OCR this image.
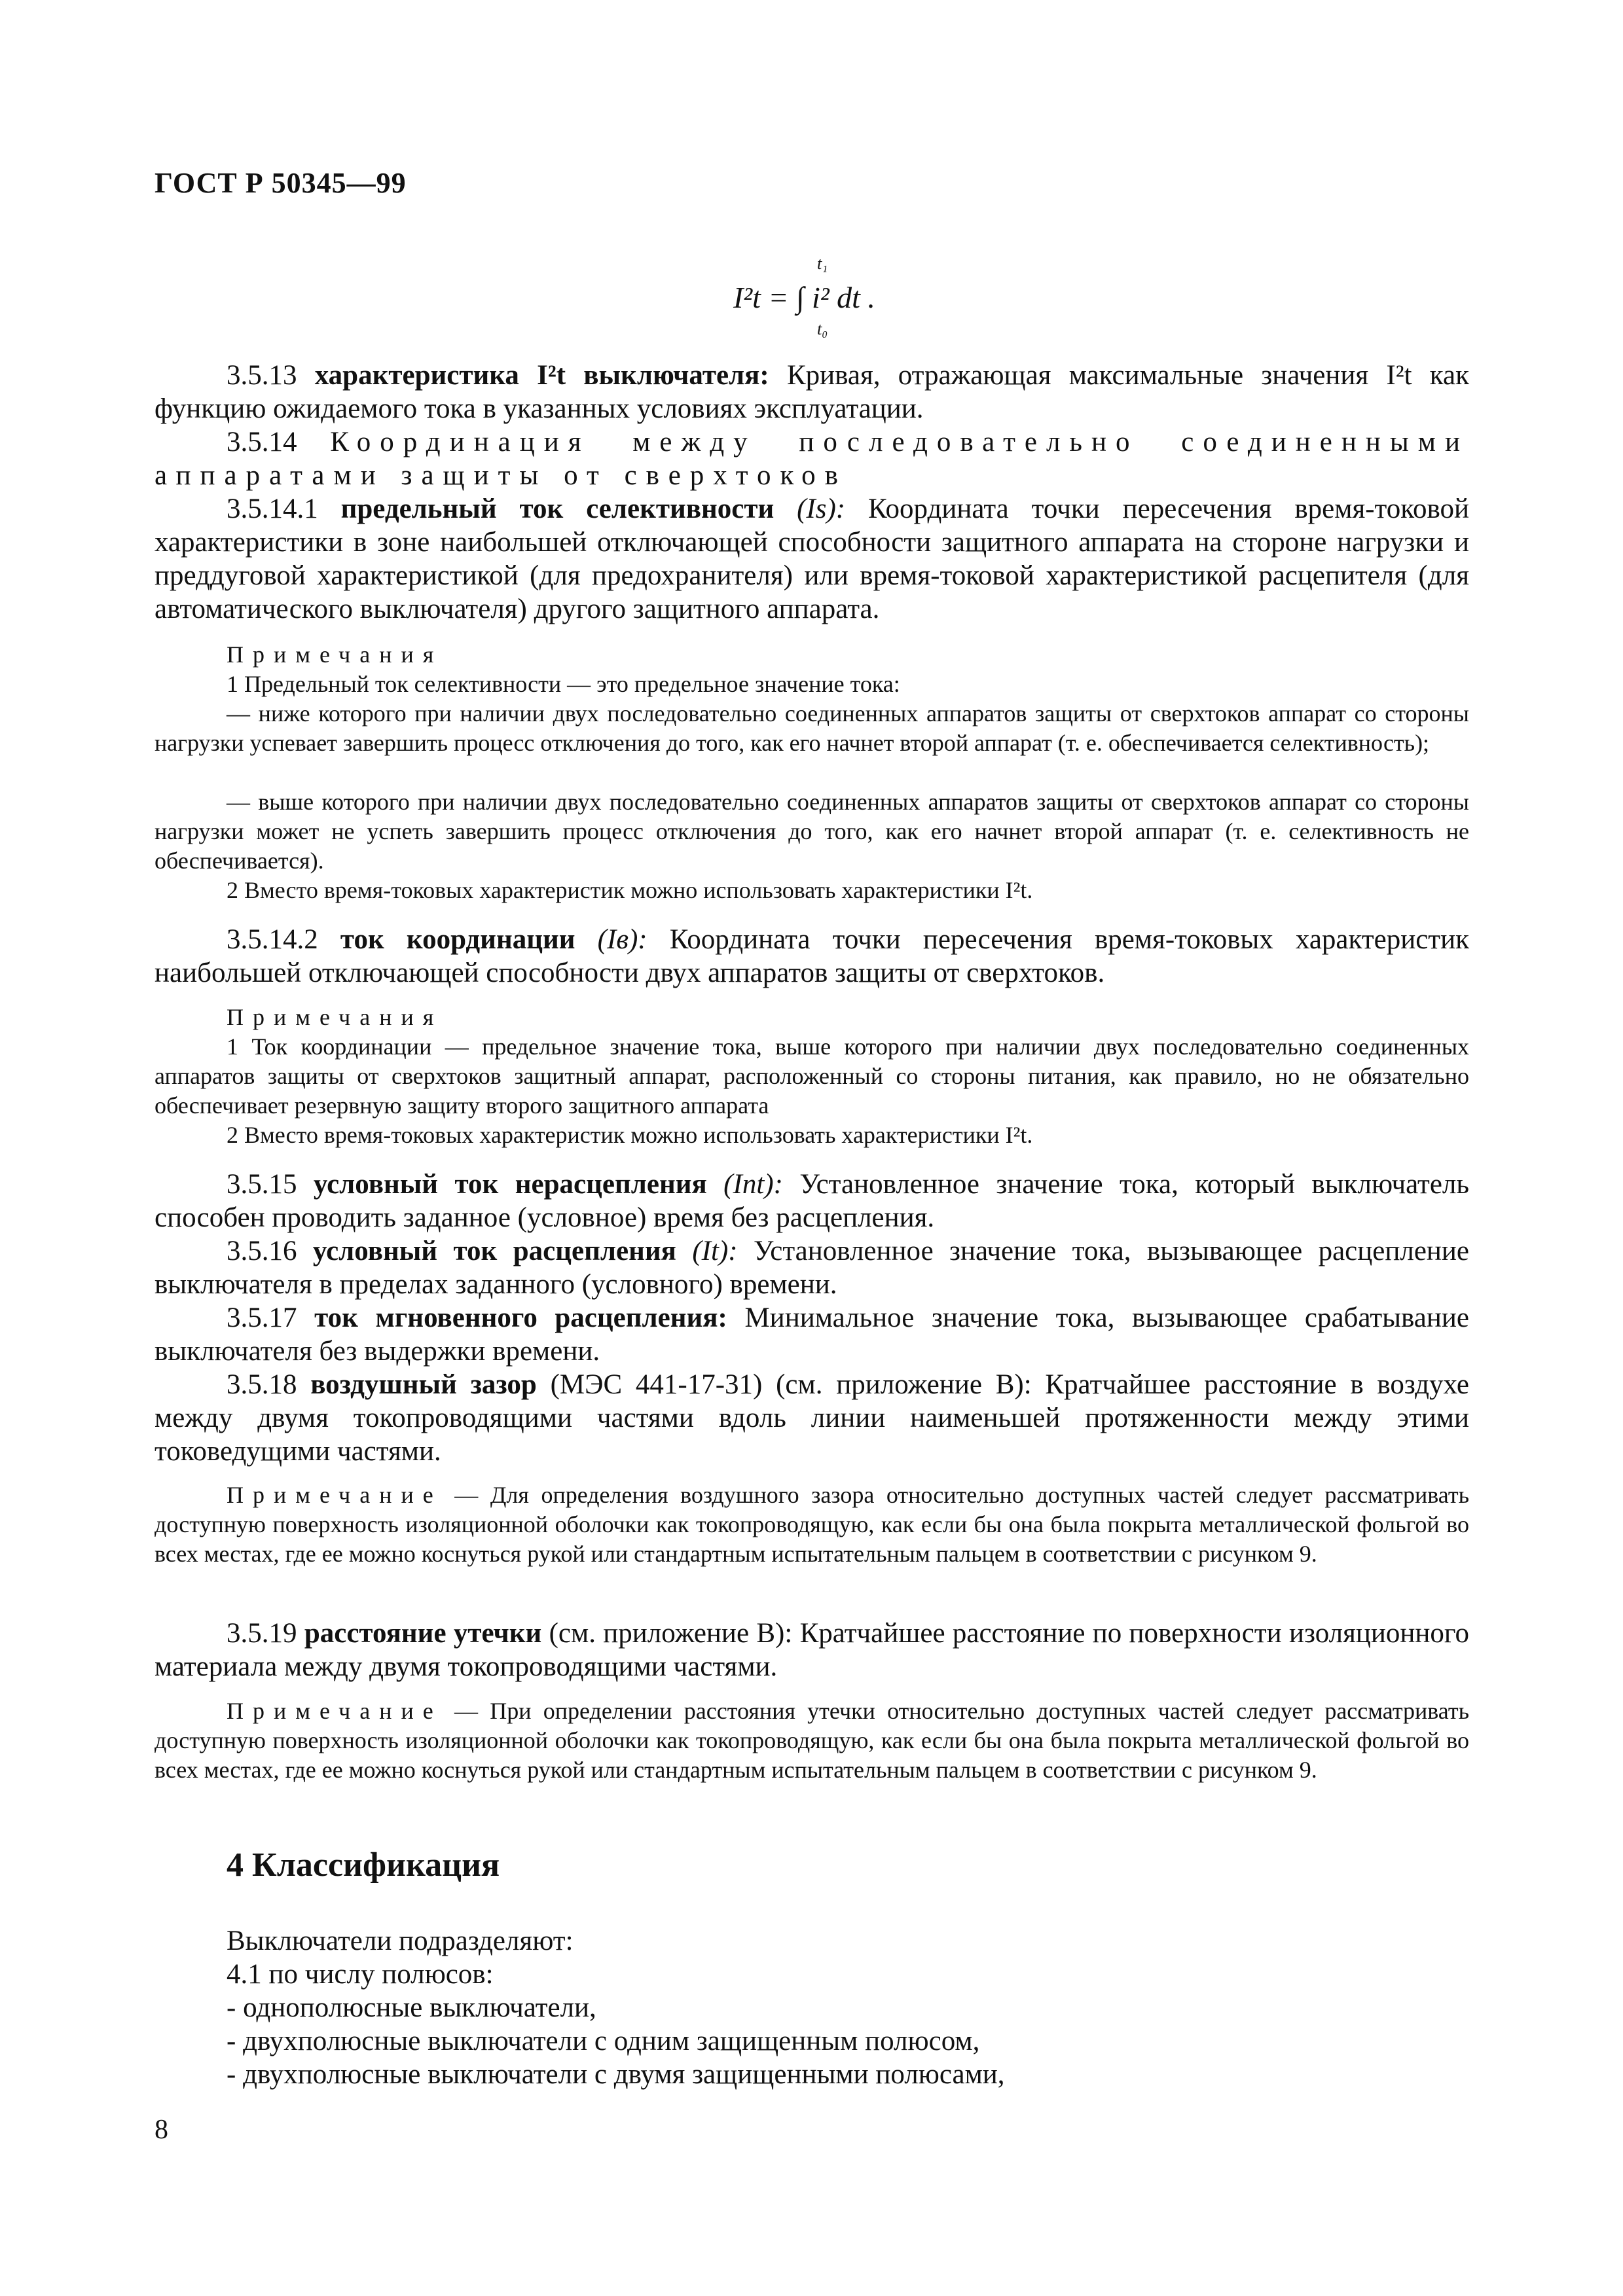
ГОСТ Р 50345—99
t₁
I²t = ∫ i² dt .
t₀
3.5.13 характеристика I²t выключателя: Кривая, отражающая максимальные значения I²t как функцию ожидаемого тока в указанных условиях эксплуатации.
3.5.14 Координация между последовательно соединенными аппаратами защиты от сверхтоков
3.5.14.1 предельный ток селективности (Is): Координата точки пересечения время-токовой характеристики в зоне наибольшей отключающей способности защитного аппарата на стороне нагрузки и преддуговой характеристикой (для предохранителя) или время-токовой характеристикой расцепителя (для автоматического выключателя) другого защитного аппарата.
Примечания
1 Предельный ток селективности — это предельное значение тока:
— ниже которого при наличии двух последовательно соединенных аппаратов защиты от сверхтоков аппарат со стороны нагрузки успевает завершить процесс отключения до того, как его начнет второй аппарат (т. е. обеспечивается селективность);
— выше которого при наличии двух последовательно соединенных аппаратов защиты от сверхтоков аппарат со стороны нагрузки может не успеть завершить процесс отключения до того, как его начнет второй аппарат (т. е. селективность не обеспечивается).
2 Вместо время-токовых характеристик можно использовать характеристики I²t.
3.5.14.2 ток координации (Iв): Координата точки пересечения время-токовых характеристик наибольшей отключающей способности двух аппаратов защиты от сверхтоков.
Примечания
1 Ток координации — предельное значение тока, выше которого при наличии двух последовательно соединенных аппаратов защиты от сверхтоков защитный аппарат, расположенный со стороны питания, как правило, но не обязательно обеспечивает резервную защиту второго защитного аппарата
2 Вместо время-токовых характеристик можно использовать характеристики I²t.
3.5.15 условный ток нерасцепления (Int): Установленное значение тока, который выключатель способен проводить заданное (условное) время без расцепления.
3.5.16 условный ток расцепления (It): Установленное значение тока, вызывающее расцепление выключателя в пределах заданного (условного) времени.
3.5.17 ток мгновенного расцепления: Минимальное значение тока, вызывающее срабатывание выключателя без выдержки времени.
3.5.18 воздушный зазор (МЭС 441-17-31) (см. приложение В): Кратчайшее расстояние в воздухе между двумя токопроводящими частями вдоль линии наименьшей протяженности между этими токоведущими частями.
Примечание — Для определения воздушного зазора относительно доступных частей следует рассматривать доступную поверхность изоляционной оболочки как токопроводящую, как если бы она была покрыта металлической фольгой во всех местах, где ее можно коснуться рукой или стандартным испытательным пальцем в соответствии с рисунком 9.
3.5.19 расстояние утечки (см. приложение В): Кратчайшее расстояние по поверхности изоляционного материала между двумя токопроводящими частями.
Примечание — При определении расстояния утечки относительно доступных частей следует рассматривать доступную поверхность изоляционной оболочки как токопроводящую, как если бы она была покрыта металлической фольгой во всех местах, где ее можно коснуться рукой или стандартным испытательным пальцем в соответствии с рисунком 9.
4 Классификация
Выключатели подразделяют:
4.1 по числу полюсов:
- однополюсные выключатели,
- двухполюсные выключатели с одним защищенным полюсом,
- двухполюсные выключатели с двумя защищенными полюсами,
8
